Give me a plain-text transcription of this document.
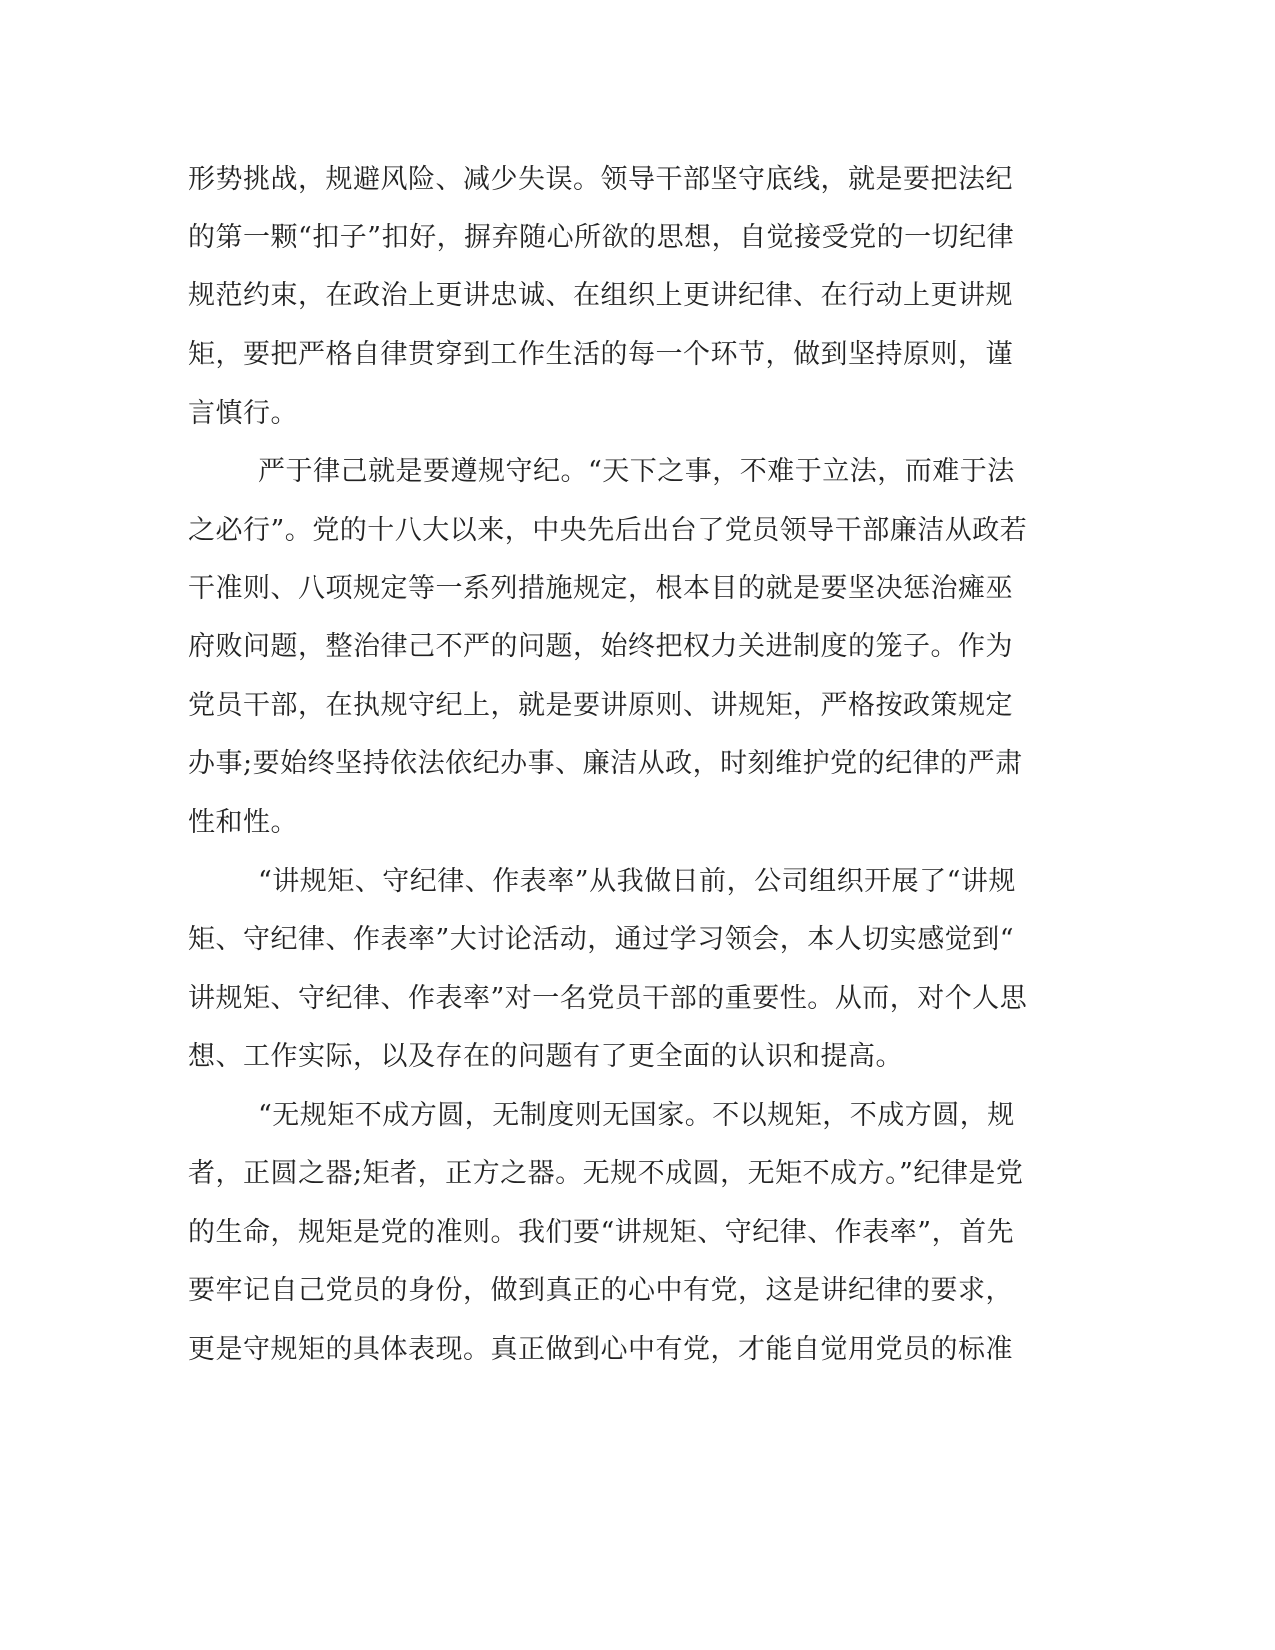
形势挑战，规避风险、减少失误。领导干部坚守底线，就是要把法纪
的第一颗“扣子”扣好，摒弃随心所欲的思想，自觉接受党的一切纪律
规范约束，在政治上更讲忠诚、在组织上更讲纪律、在行动上更讲规
矩，要把严格自律贯穿到工作生活的每一个环节，做到坚持原则，谨
言慎行。
严于律己就是要遵规守纪。“天下之事，不难于立法，而难于法
之必行”。党的十八大以来，中央先后出台了党员领导干部廉洁从政若
干准则、八项规定等一系列措施规定，根本目的就是要坚决惩治瘫巫
府败问题，整治律己不严的问题，始终把权力关进制度的笼子。作为
党员干部，在执规守纪上，就是要讲原则、讲规矩，严格按政策规定
办事;要始终坚持依法依纪办事、廉洁从政，时刻维护党的纪律的严肃
性和性。
“讲规矩、守纪律、作表率”从我做日前，公司组织开展了“讲规
矩、守纪律、作表率”大讨论活动，通过学习领会，本人切实感觉到“
讲规矩、守纪律、作表率”对一名党员干部的重要性。从而，对个人思
想、工作实际，以及存在的问题有了更全面的认识和提高。
“无规矩不成方圆，无制度则无国家。不以规矩，不成方圆，规
者，正圆之器;矩者，正方之器。无规不成圆，无矩不成方。”纪律是党
的生命，规矩是党的准则。我们要“讲规矩、守纪律、作表率”，首先
要牢记自己党员的身份，做到真正的心中有党，这是讲纪律的要求，
更是守规矩的具体表现。真正做到心中有党，才能自觉用党员的标准
